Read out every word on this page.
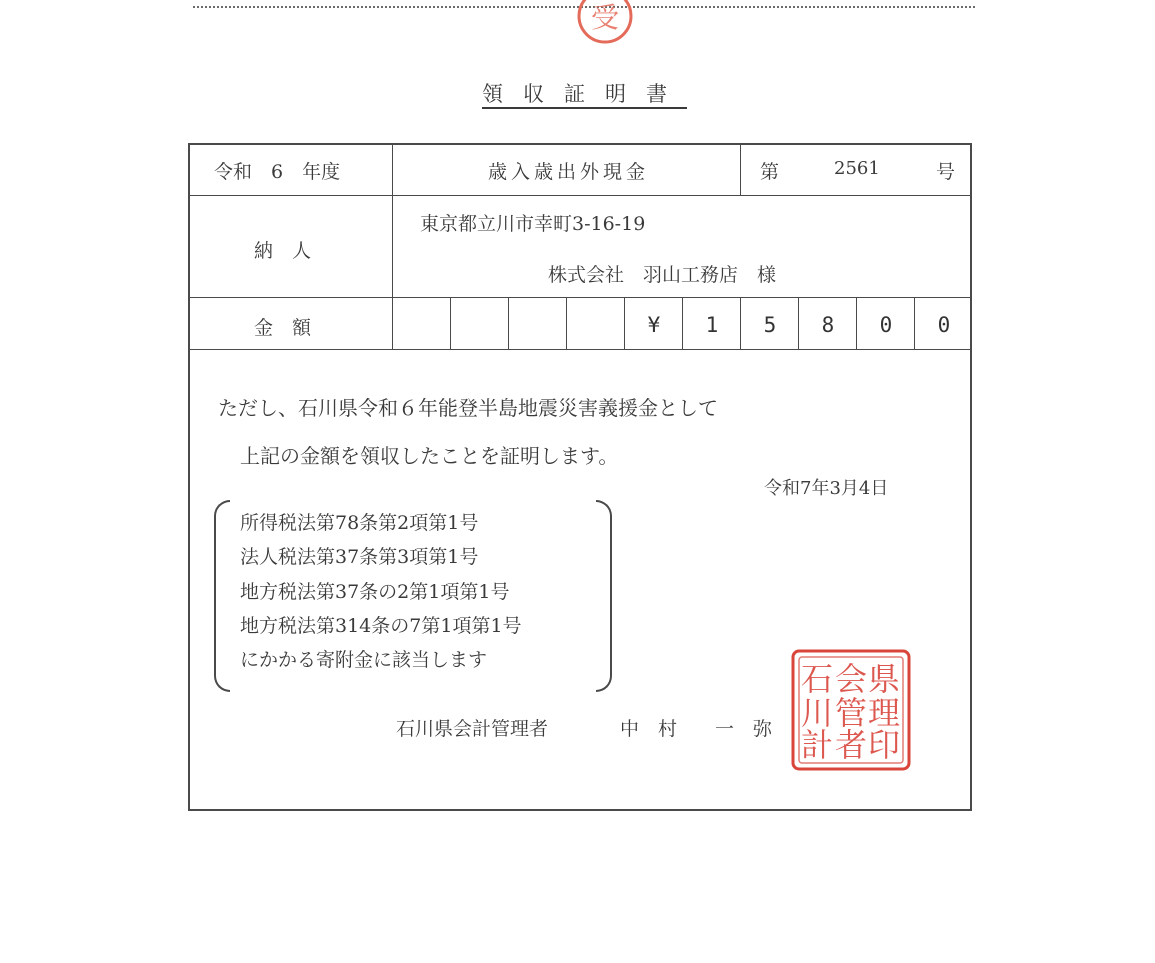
受
領収証明書
令和　6　年度	歳入歳出外現金	第	2561	号
納　人
東京都立川市幸町3-16-19
株式会社　羽山工務店　様
金　額	¥	1	5	8	0	0
ただし、石川県令和６年能登半島地震災害義援金として
上記の金額を領収したことを証明します。
令和7年3月4日
所得税法第78条第2項第1号
法人税法第37条第3項第1号
地方税法第37条の2第1項第1号
地方税法第314条の7第1項第1号
にかかる寄附金に該当します
石川県会計管理者	中　村　　一　弥
県
理
印
会
管
者
石
川
計
